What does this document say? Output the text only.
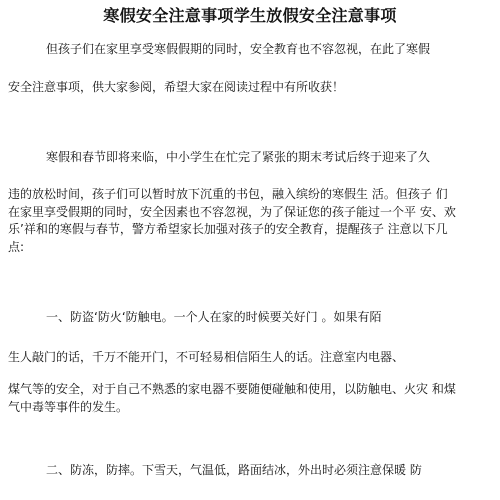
寒假安全注意事项学生放假安全注意事项
但孩子们在家里享受寒假假期的同时，安全教育也不容忽视，在此了寒假
安全注意事项，供大家参阅，希望大家在阅读过程中有所收获！
寒假和春节即将来临，中小学生在忙完了紧张的期末考试后终于迎来了久
违的放松时间，孩子们可以暂时放下沉重的书包，融入缤纷的寒假生 活。但孩子 们
在家里享受假期的同时，安全因素也不容忽视，为了保证您的孩子能过一个平 安、欢
乐’祥和的寒假与春节，警方希望家长加强对孩子的安全教育，提醒孩子 注意以下几
点:
一、防盗‘防火‘防触电。一个人在家的时候要关好门 。如果有陌
生人敲门的话，千万不能开门，不可轻易相信陌生人的话。注意室内电器、
煤气等的安全，对于自己不熟悉的家电器不要随便碰触和使用，以防触电、火灾 和煤
气中毒等事件的发生。
二、防冻，防摔。下雪天，气温低，路面结冰，外出时必须注意保暖 防
